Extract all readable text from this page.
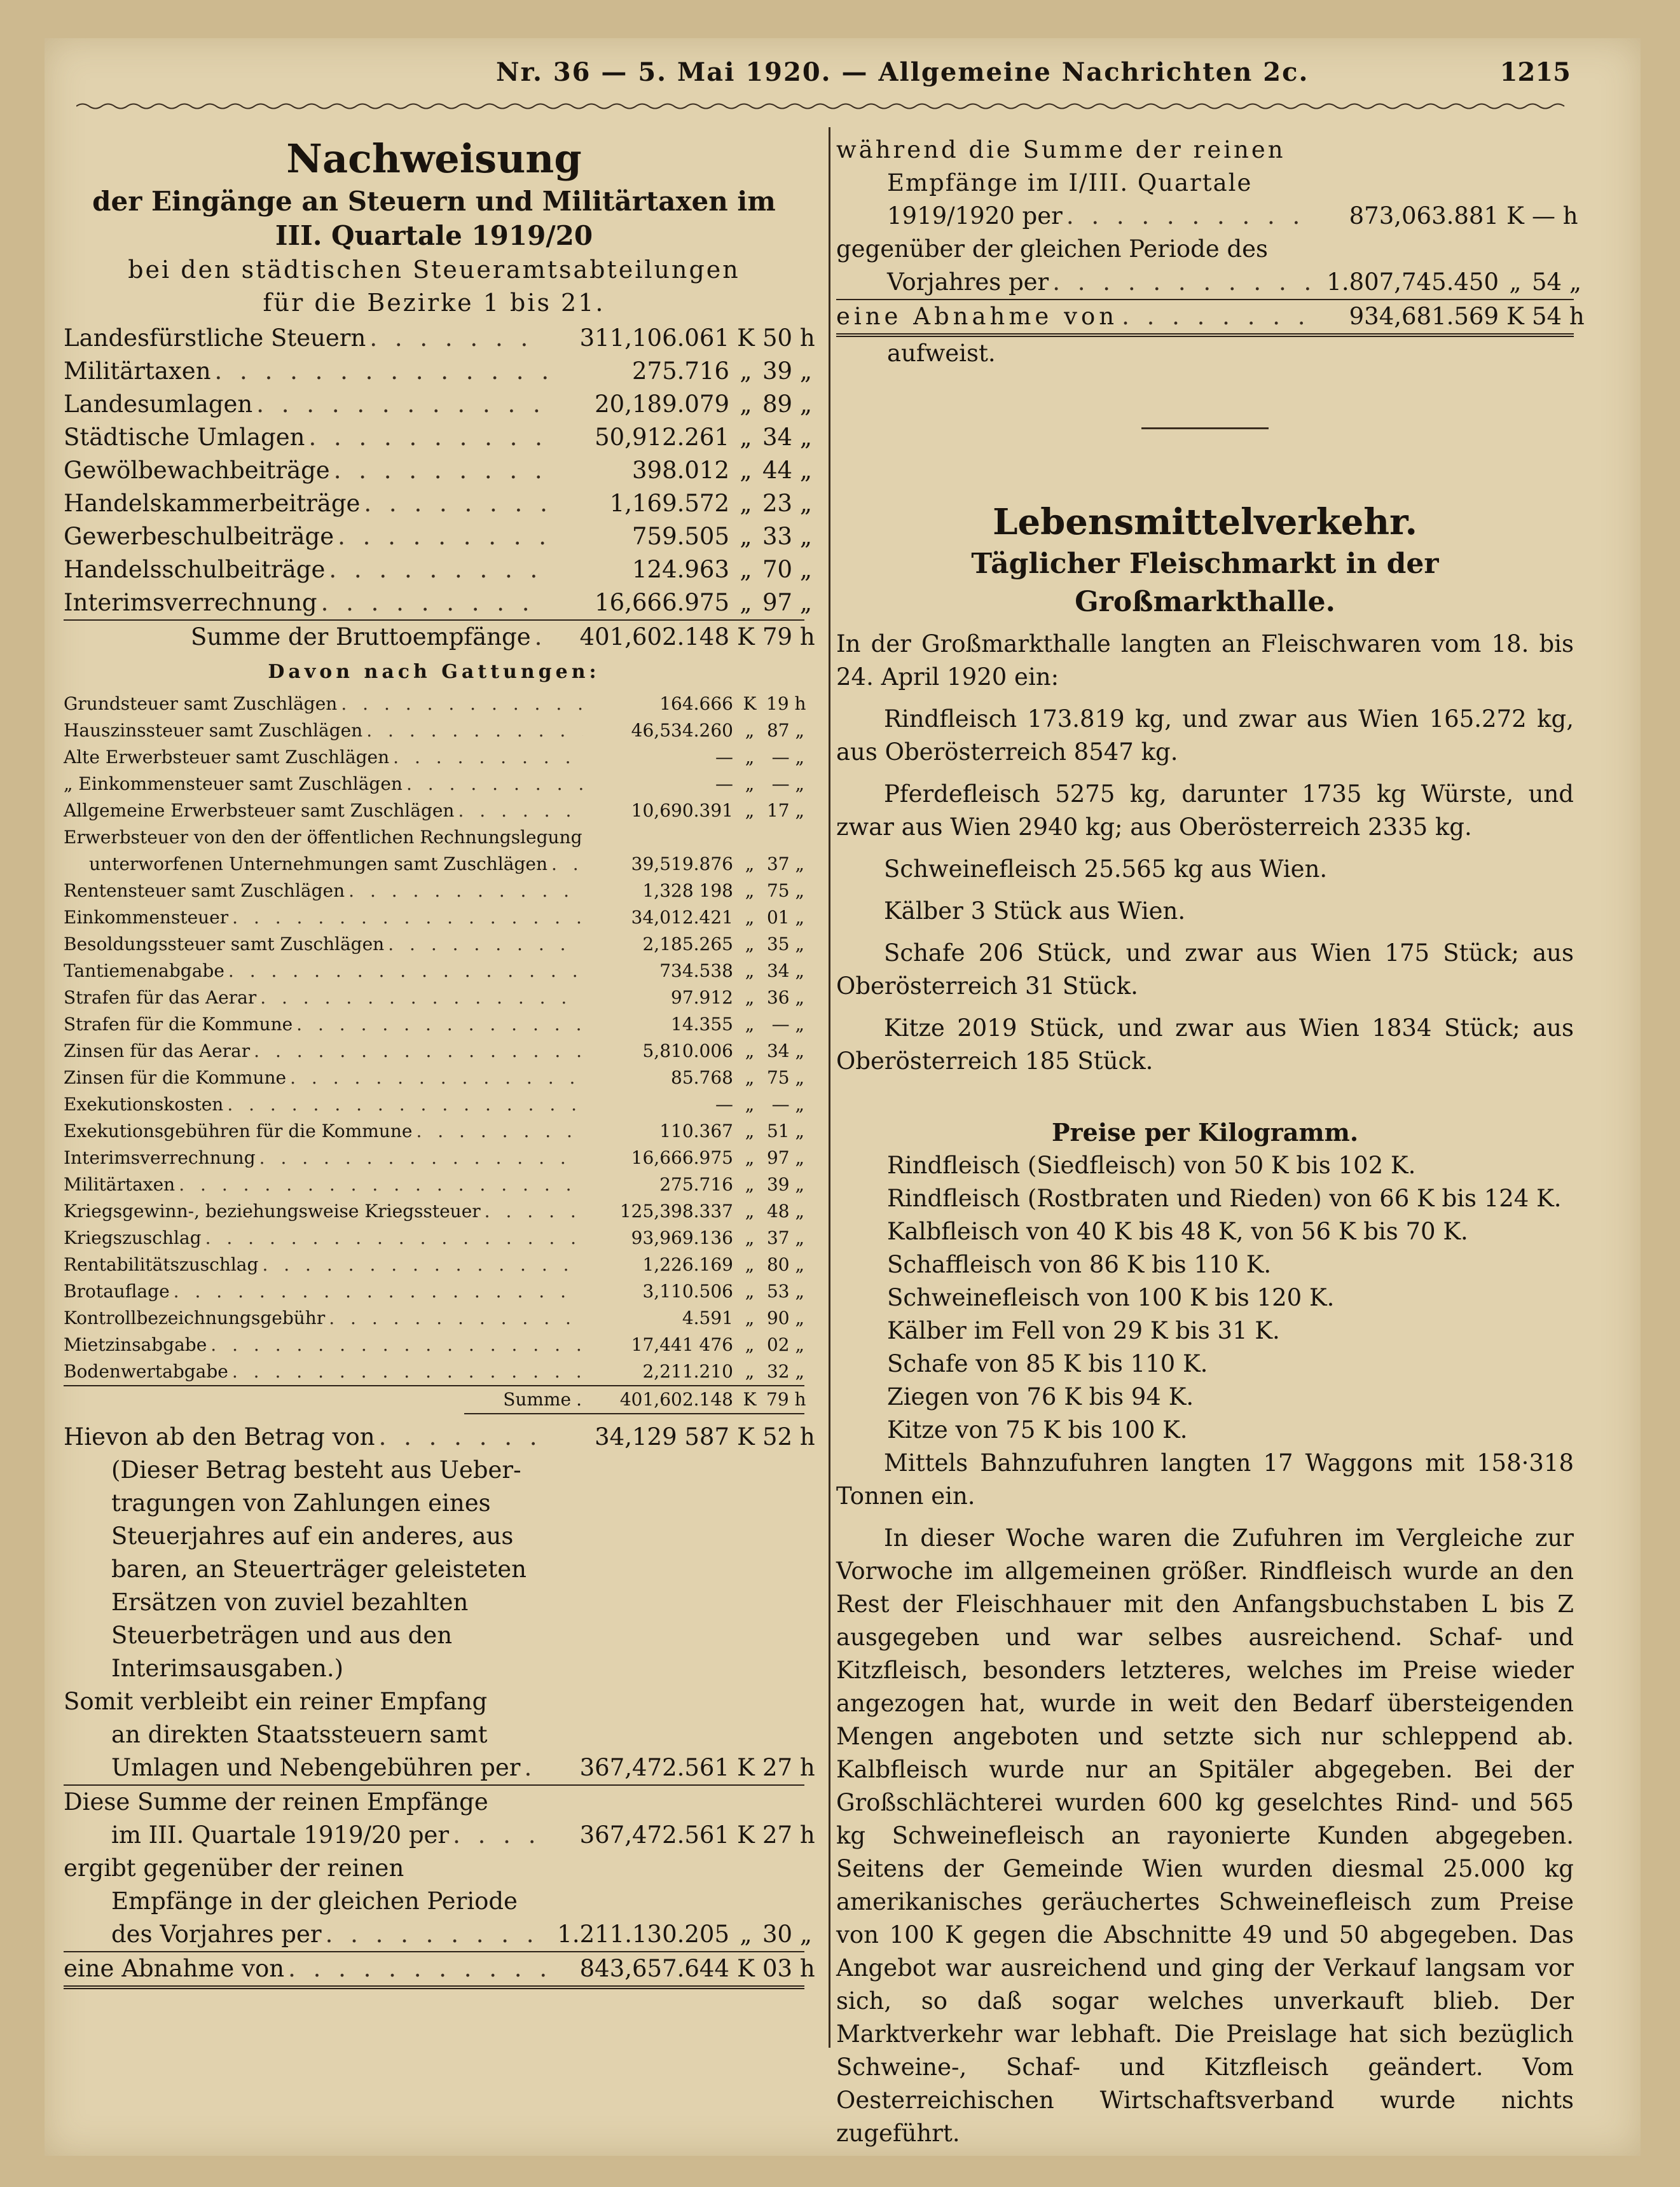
Nr. 36 — 5. Mai 1920. — Allgemeine Nachrichten 2c.	1215
Nachweisung
der Eingänge an Steuern und Militärtaxen im
III. Quartale 1919/20
bei den städtischen Steueramtsabteilungen
für die Bezirke 1 bis 21.
Landesfürstliche Steuern . . .	311,106.061 K 50 h
Militärtaxen . . .	275.716 „ 39 „
Landesumlagen . . .	20,189.079 „ 89 „
Städtische Umlagen . . .	50,912.261 „ 34 „
Gewölbewachbeiträge . . .	398.012 „ 44 „
Handelskammerbeiträge . . .	1,169.572 „ 23 „
Gewerbeschulbeiträge . . .	759.505 „ 33 „
Handelsschulbeiträge . . .	124.963 „ 70 „
Interimsverrechnung . . .	16,666.975 „ 97 „
Summe der Bruttoempfänge . . .	401,602.148 K 79 h
Davon nach Gattungen:
Grundsteuer samt Zuschlägen . . .	164.666 K 19 h
Hauszinssteuer samt Zuschlägen . . .	46,534.260 „ 87 „
Alte Erwerbsteuer samt Zuschlägen . . .	— „ — „
„ Einkommensteuer samt Zuschlägen . . .	— „ — „
Allgemeine Erwerbsteuer samt Zuschlägen . . .	10,690.391 „ 17 „
Erwerbsteuer von den der öffentlichen Rechnungslegung
unterworfenen Unternehmungen samt Zuschlägen . . .	39,519.876 „ 37 „
Rentensteuer samt Zuschlägen . . .	1,328 198 „ 75 „
Einkommensteuer . . .	34,012.421 „ 01 „
Besoldungssteuer samt Zuschlägen . . .	2,185.265 „ 35 „
Tantiemenabgabe . . .	734.538 „ 34 „
Strafen für das Aerar . . .	97.912 „ 36 „
Strafen für die Kommune . . .	14.355 „ — „
Zinsen für das Aerar . . .	5,810.006 „ 34 „
Zinsen für die Kommune . . .	85.768 „ 75 „
Exekutionskosten . . .	— „ — „
Exekutionsgebühren für die Kommune . . .	110.367 „ 51 „
Interimsverrechnung . . .	16,666.975 „ 97 „
Militärtaxen . . .	275.716 „ 39 „
Kriegsgewinn-, beziehungsweise Kriegssteuer . . .	125,398.337 „ 48 „
Kriegszuschlag . . .	93,969.136 „ 37 „
Rentabilitätszuschlag . . .	1,226.169 „ 80 „
Brotauflage . . .	3,110.506 „ 53 „
Kontrollbezeichnungsgebühr . . .	4.591 „ 90 „
Mietzinsabgabe . . .	17,441 476 „ 02 „
Bodenwertabgabe . . .	2,211.210 „ 32 „
Summe .	401,602.148 K 79 h
Hievon ab den Betrag von . . .	34,129 587 K 52 h
(Dieser Betrag besteht aus Ueber-
tragungen von Zahlungen eines
Steuerjahres auf ein anderes, aus
baren, an Steuerträger geleisteten
Ersätzen von zuviel bezahlten
Steuerbeträgen und aus den
Interimsausgaben.)
Somit verbleibt ein reiner Empfang
an direkten Staatssteuern samt
Umlagen und Nebengebühren per . . .	367,472.561 K 27 h
Diese Summe der reinen Empfänge
im III. Quartale 1919/20 per . . .	367,472.561 K 27 h
ergibt gegenüber der reinen
Empfänge in der gleichen Periode
des Vorjahres per . . .	1.211.130.205 „ 30 „
eine Abnahme von . . .	843,657.644 K 03 h
während die Summe der reinen
Empfänge im I/III. Quartale
1919/1920 per . . .	873,063.881 K — h
gegenüber der gleichen Periode des
Vorjahres per . . .	1.807,745.450 „ 54 „
eine Abnahme von . . .	934,681.569 K 54 h
aufweist.
Lebensmittelverkehr.
Täglicher Fleischmarkt in der Großmarkthalle.
In der Großmarkthalle langten an Fleischwaren vom 18. bis 24. April 1920 ein:
Rindfleisch 173.819 kg, und zwar aus Wien 165.272 kg, aus Oberösterreich 8547 kg.
Pferdefleisch 5275 kg, darunter 1735 kg Würste, und zwar aus Wien 2940 kg; aus Oberösterreich 2335 kg.
Schweinefleisch 25.565 kg aus Wien.
Kälber 3 Stück aus Wien.
Schafe 206 Stück, und zwar aus Wien 175 Stück; aus Oberösterreich 31 Stück.
Kitze 2019 Stück, und zwar aus Wien 1834 Stück; aus Oberösterreich 185 Stück.
Preise per Kilogramm.
Rindfleisch (Siedfleisch) von 50 K bis 102 K.
Rindfleisch (Rostbraten und Rieden) von 66 K bis 124 K.
Kalbfleisch von 40 K bis 48 K, von 56 K bis 70 K.
Schaffleisch von 86 K bis 110 K.
Schweinefleisch von 100 K bis 120 K.
Kälber im Fell von 29 K bis 31 K.
Schafe von 85 K bis 110 K.
Ziegen von 76 K bis 94 K.
Kitze von 75 K bis 100 K.
Mittels Bahnzufuhren langten 17 Waggons mit 158·318 Tonnen ein.
In dieser Woche waren die Zufuhren im Vergleiche zur Vorwoche im allgemeinen größer. Rindfleisch wurde an den Rest der Fleischhauer mit den Anfangsbuchstaben L bis Z ausgegeben und war selbes ausreichend. Schaf- und Kitzfleisch, besonders letzteres, welches im Preise wieder angezogen hat, wurde in weit den Bedarf übersteigenden Mengen angeboten und setzte sich nur schleppend ab. Kalbfleisch wurde nur an Spitäler abgegeben. Bei der Großschlächterei wurden 600 kg geselchtes Rind- und 565 kg Schweinefleisch an rayonierte Kunden abgegeben. Seitens der Gemeinde Wien wurden diesmal 25.000 kg amerikanisches geräuchertes Schweinefleisch zum Preise von 100 K gegen die Abschnitte 49 und 50 abgegeben. Das Angebot war ausreichend und ging der Verkauf langsam vor sich, so daß sogar welches unverkauft blieb. Der Marktverkehr war lebhaft. Die Preislage hat sich bezüglich Schweine-, Schaf- und Kitzfleisch geändert. Vom Oesterreichischen Wirtschaftsverband wurde nichts zugeführt.
